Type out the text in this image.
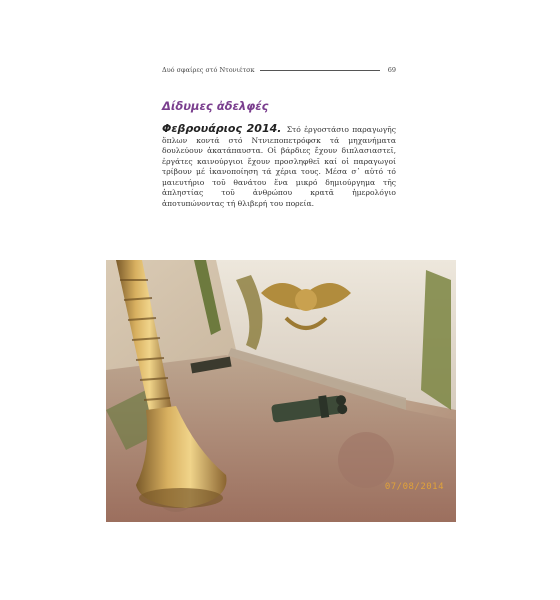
Δυό σφαίρες στό Ντονιέτσκ	69
Δίδυμες ἀδελφές

Φεβρουάριος 2014. Στό ἐργοστάσιο παραγωγῆς ὅπλων κοντά στό Ντνιεποπετρόφσκ τά μηχανήματα δουλεύουν ἀκατάπαυστα. Οἱ βάρδιες ἔχουν διπλασιαστεῖ, ἐργάτες καινούργιοι ἔχουν προσληφθεῖ καί οἱ παραγωγοί τρίβουν μέ ἱκανοποίηση τά χέρια τους. Μέσα σ᾽ αὐτό τό μαιευτήριο τοῦ θανάτου ἕνα μικρό δημιούργημα τῆς ἀπληστίας τοῦ ἀνθρώπου κρατᾶ ἡμερολόγιο ἀποτυπώνοντας τή θλιβερή του πορεία.

07/08/2014
